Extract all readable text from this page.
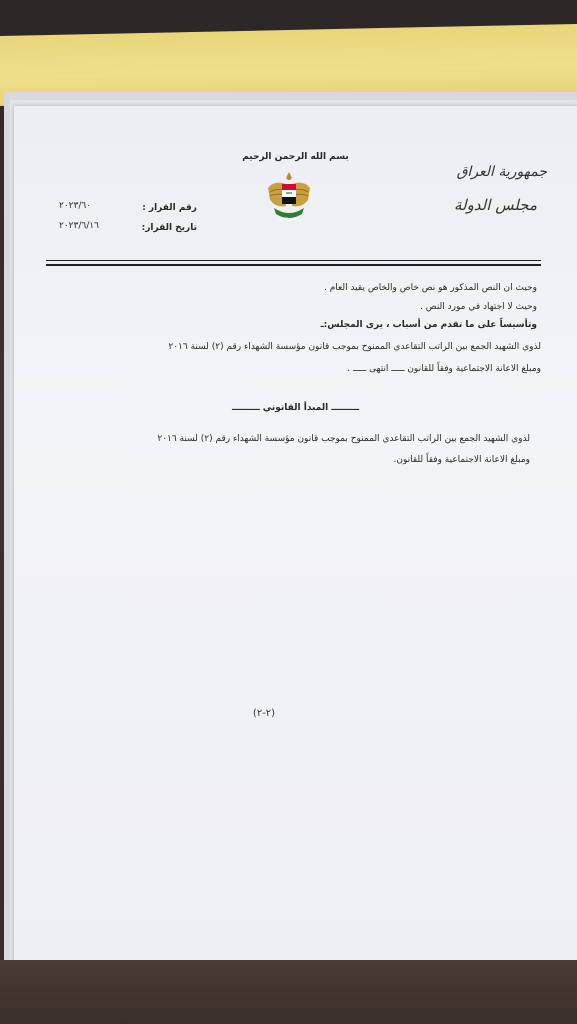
بسم الله الرحمن الرحيم
جمهورية العراق
مجلس الدولة
مجلس الدولة
رقم القرار :
تاريخ القرار:
٢٠٢٣/٦٠
٢٠٢٣/٦/١٦
وحيث ان النص المذكور هو نص خاص والخاص يقيد العام .
وحيث لا اجتهاد في مورد النص .
وتأسيساً على ما تقدم من أسباب ، يرى المجلس:ـ
لذوي الشهيد الجمع بين الراتب التقاعدي الممنوح بموجب قانون مؤسسة الشهداء رقم (٢) لسنة ٢٠١٦
ومبلغ الاعانة الاجتماعية وفقاً للقانون ـــــ انتهى ـــــ .
ـــــــــ المبدأ القانوني ـــــــــ
لذوي الشهيد الجمع بين الراتب التقاعدي الممنوح بموجب قانون مؤسسة الشهداء رقم (٢) لسنة ٢٠١٦
ومبلغ الاعانة الاجتماعية وفقاً للقانون.
(٢-٢)
